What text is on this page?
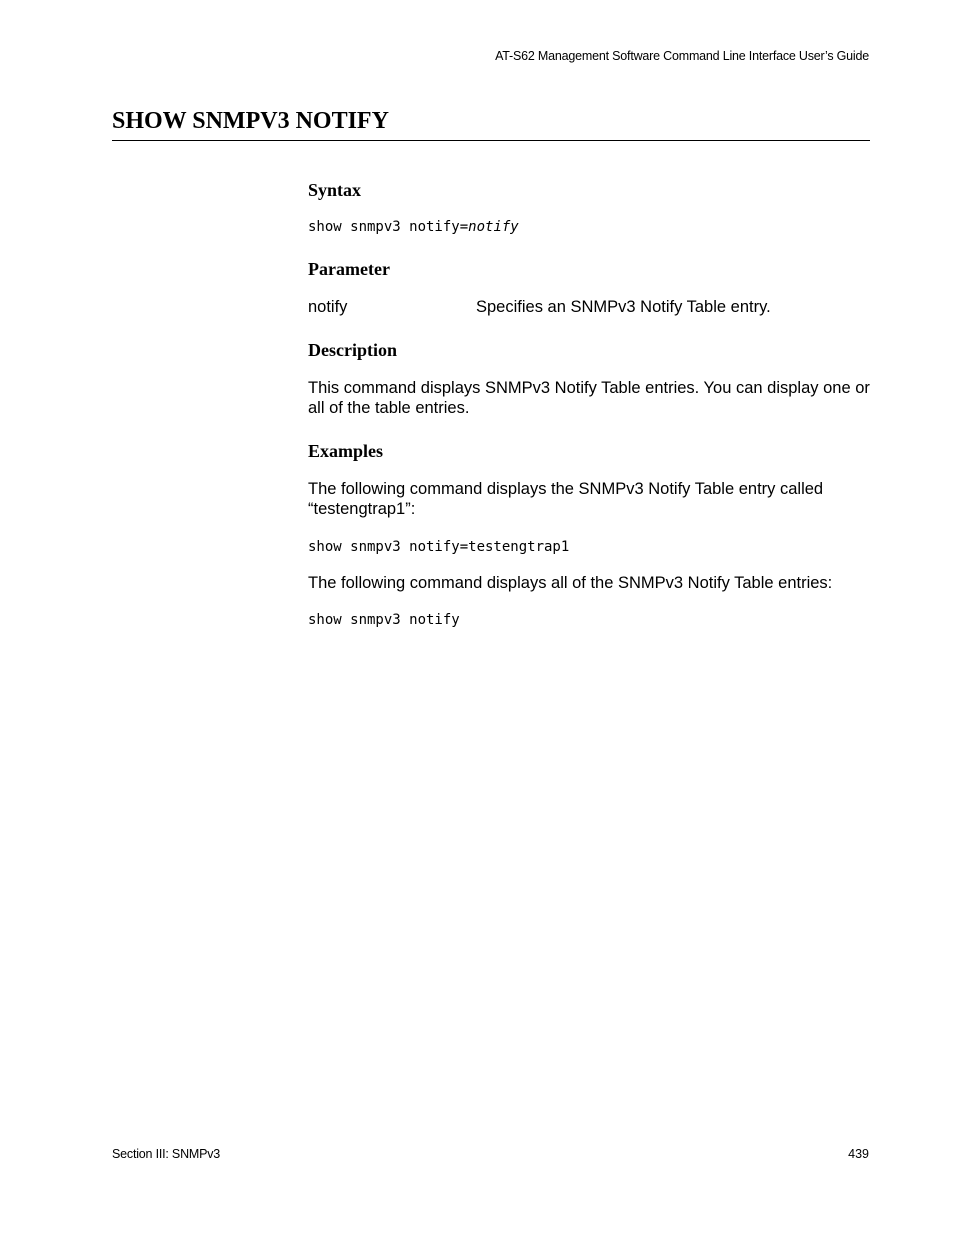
AT-S62 Management Software Command Line Interface User’s Guide
SHOW SNMPV3 NOTIFY
Syntax

show snmpv3 notify=notify

Parameter
notify	Specifies an SNMPv3 Notify Table entry.
Description

This command displays SNMPv3 Notify Table entries. You can display one or all of the table entries.

Examples

The following command displays the SNMPv3 Notify Table entry called “testengtrap1”:

show snmpv3 notify=testengtrap1

The following command displays all of the SNMPv3 Notify Table entries:

show snmpv3 notify

Section III: SNMPv3	439
